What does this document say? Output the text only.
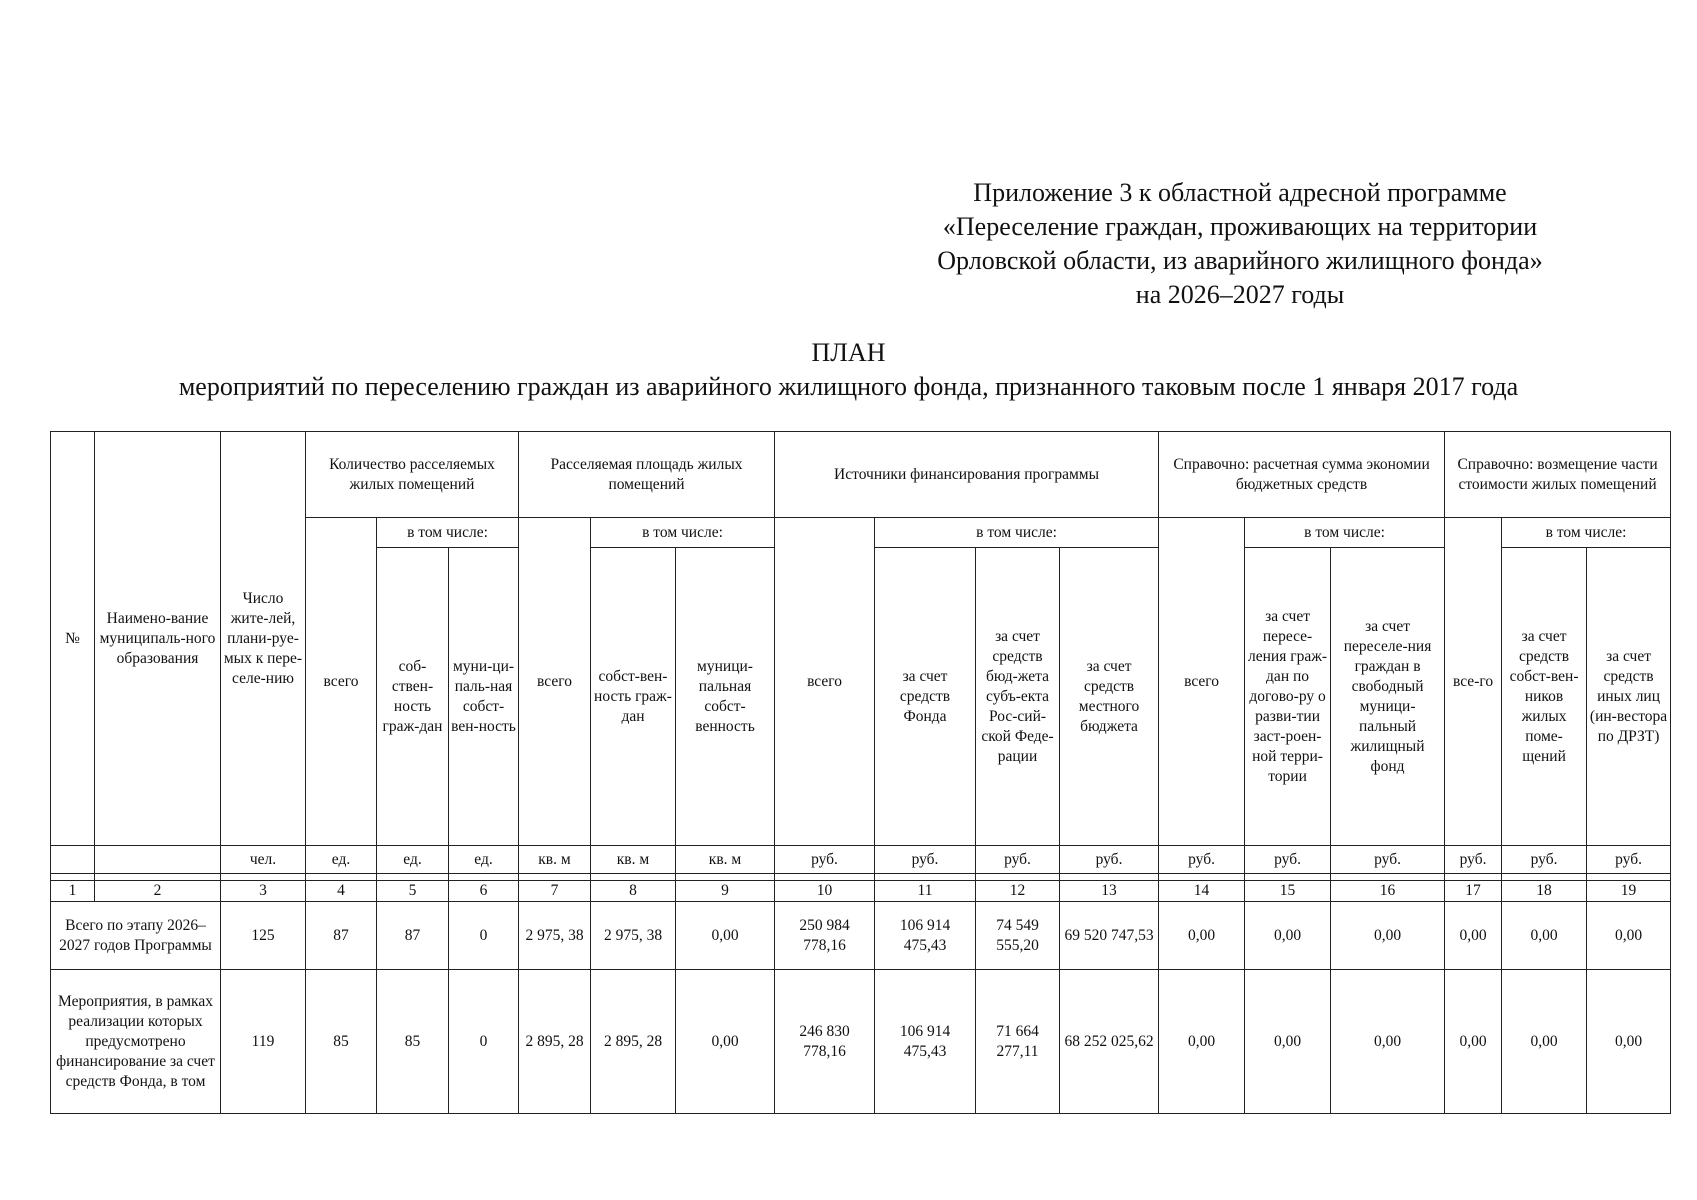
Приложение 3 к областной адресной программе
«Переселение граждан, проживающих на территории
Орловской области, из аварийного жилищного фонда»
на 2026–2027 годы
ПЛАН
мероприятий по переселению граждан из аварийного жилищного фонда, признанного таковым после 1 января 2017 года
№	Наимено-вание муниципаль-ного образования	Число жите-лей, плани-руе-мых к пере-селе-нию	Количество расселяемых жилых помещений			Расселяемая площадь жилых помещений			Источники финансирования программы				Справочно: расчетная сумма экономии бюджетных средств			Справочно: возмещение части стоимости жилых помещений		
			всего	в том числе:		всего	в том числе:		всего	в том числе:			всего	в том числе:		все-го	в том числе:	
				соб-ствен-ность граж-дан	муни-ци-паль-ная собст-вен-ность		собст-вен-ность граж-дан	муници-пальная собст-венность		за счет средств Фонда	за счет средств бюд-жета субъ-екта Рос-сий-ской Феде-рации	за счет средств местного бюджета		за счет пересе-ления граж-дан по догово-ру о разви-тии заст-роен-ной терри-тории	за счет переселе-ния граждан в свободный муници-пальный жилищный фонд		за счет средств собст-вен-ников жилых поме-щений	за счет средств иных лиц (ин-вестора по ДРЗТ)
		чел.	ед.	ед.	ед.	кв. м	кв. м	кв. м	руб.	руб.	руб.	руб.	руб.	руб.	руб.	руб.	руб.	руб.

1	2	3	4	5	6	7	8	9	10	11	12	13	14	15	16	17	18	19
Всего по этапу 2026–2027 годов Программы		125	87	87	0	2 975, 38	2 975, 38	0,00	250 984 778,16	106 914 475,43	74 549 555,20	69 520 747,53	0,00	0,00	0,00	0,00	0,00	0,00
Мероприятия, в рамках реализации которых предусмотрено финансирование за счет средств Фонда, в том		119	85	85	0	2 895, 28	2 895, 28	0,00	246 830 778,16	106 914 475,43	71 664 277,11	68 252 025,62	0,00	0,00	0,00	0,00	0,00	0,00
